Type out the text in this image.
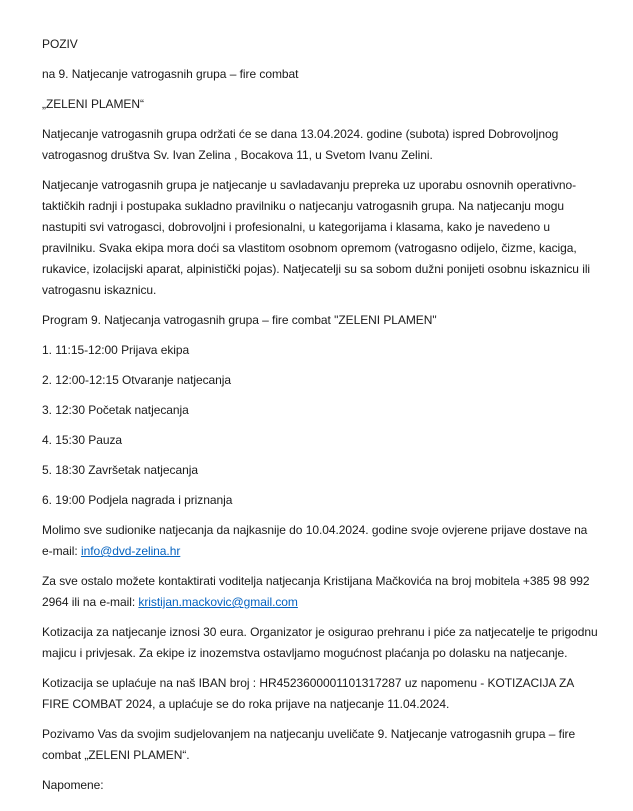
POZIV

na 9. Natjecanje vatrogasnih grupa – fire combat

„ZELENI PLAMEN“

Natjecanje vatrogasnih grupa održati će se dana 13.04.2024. godine (subota) ispred Dobrovoljnog vatrogasnog društva Sv. Ivan Zelina , Bocakova 11, u Svetom Ivanu Zelini.

Natjecanje vatrogasnih grupa je natjecanje u savladavanju prepreka uz uporabu osnovnih operativno-taktičkih radnji i postupaka sukladno pravilniku o natjecanju vatrogasnih grupa. Na natjecanju mogu nastupiti svi vatrogasci, dobrovoljni i profesionalni, u kategorijama i klasama, kako je navedeno u pravilniku. Svaka ekipa mora doći sa vlastitom osobnom opremom (vatrogasno odijelo, čizme, kaciga, rukavice, izolacijski aparat, alpinistički pojas). Natjecatelji su sa sobom dužni ponijeti osobnu iskaznicu ili vatrogasnu iskaznicu.

Program 9. Natjecanja vatrogasnih grupa – fire combat "ZELENI PLAMEN"

1. 11:15-12:00 Prijava ekipa

2. 12:00-12:15 Otvaranje natjecanja

3. 12:30 Početak natjecanja

4. 15:30 Pauza

5. 18:30 Završetak natjecanja

6. 19:00 Podjela nagrada i priznanja

Molimo sve sudionike natjecanja da najkasnije do 10.04.2024. godine svoje ovjerene prijave dostave na e-mail: info@dvd-zelina.hr

Za sve ostalo možete kontaktirati voditelja natjecanja Kristijana Mačkovića na broj mobitela +385 98 992 2964 ili na e-mail: kristijan.mackovic@gmail.com

Kotizacija za natjecanje iznosi 30 eura. Organizator je osigurao prehranu i piće za natjecatelje te prigodnu majicu i privjesak. Za ekipe iz inozemstva ostavljamo mogućnost plaćanja po dolasku na natjecanje.

Kotizacija se uplaćuje na naš IBAN broj : HR4523600001101317287 uz napomenu - KOTIZACIJA ZA FIRE COMBAT 2024, a uplaćuje se do roka prijave na natjecanje 11.04.2024.

Pozivamo Vas da svojim sudjelovanjem na natjecanju uveličate 9. Natjecanje vatrogasnih grupa – fire combat „ZELENI PLAMEN“.

Napomene:
